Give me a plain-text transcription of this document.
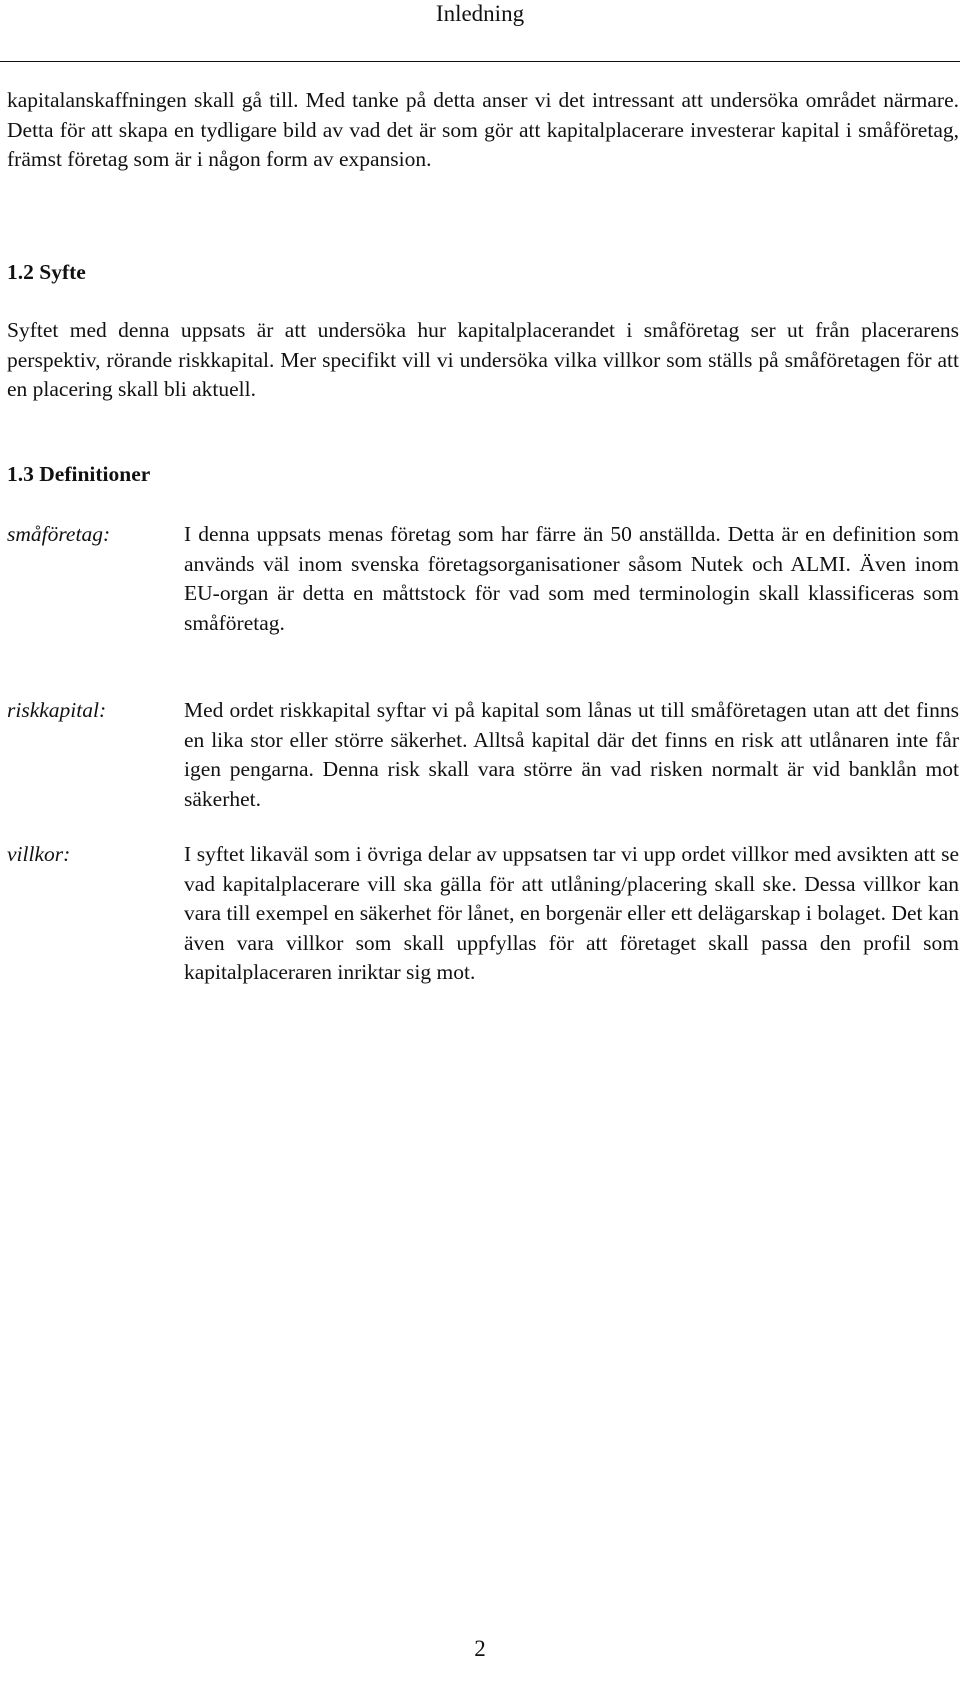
Inledning

kapitalanskaffningen skall gå till. Med tanke på detta anser vi det intressant att undersöka området närmare. Detta för att skapa en tydligare bild av vad det är som gör att kapitalplacerare investerar kapital i småföretag, främst företag som är i någon form av expansion.

1.2 Syfte

Syftet med denna uppsats är att undersöka hur kapitalplacerandet i småföretag ser ut från placerarens perspektiv, rörande riskkapital. Mer specifikt vill vi undersöka vilka villkor som ställs på småföretagen för att en placering skall bli aktuell.

1.3 Definitioner

småföretag:	I denna uppsats menas företag som har färre än 50 anställda. Detta är en definition som används väl inom svenska företagsorganisationer såsom Nutek och ALMI. Även inom EU-organ är detta en måttstock för vad som med terminologin skall klassificeras som småföretag.

riskkapital:	Med ordet riskkapital syftar vi på kapital som lånas ut till småföretagen utan att det finns en lika stor eller större säkerhet. Alltså kapital där det finns en risk att utlånaren inte får igen pengarna. Denna risk skall vara större än vad risken normalt är vid banklån mot säkerhet.

villkor:	I syftet likaväl som i övriga delar av uppsatsen tar vi upp ordet villkor med avsikten att se vad kapitalplacerare vill ska gälla för att utlåning/placering skall ske. Dessa villkor kan vara till exempel en säkerhet för lånet, en borgenär eller ett delägarskap i bolaget. Det kan även vara villkor som skall uppfyllas för att företaget skall passa den profil som kapitalplaceraren inriktar sig mot.

2
